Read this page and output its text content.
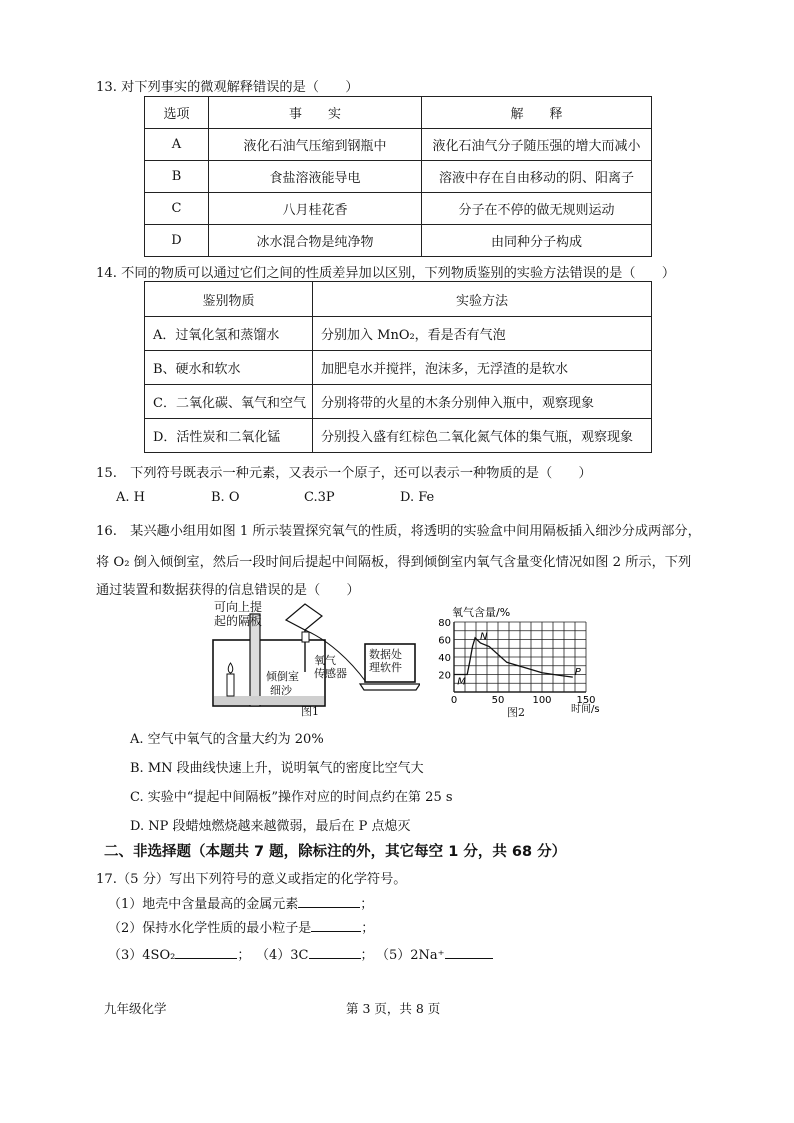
13. 对下列事实的微观解释错误的是（　　）
选项	事　　实	解　　释
A	液化石油气压缩到钢瓶中	液化石油气分子随压强的增大而减小
B	食盐溶液能导电	溶液中存在自由移动的阴、阳离子
C	八月桂花香	分子在不停的做无规则运动
D	冰水混合物是纯净物	由同种分子构成
14. 不同的物质可以通过它们之间的性质差异加以区别，下列物质鉴别的实验方法错误的是（　　）
鉴别物质	实验方法
A．过氧化氢和蒸馏水	分别加入 MnO₂，看是否有气泡
B、硬水和软水	加肥皂水并搅拌，泡沫多，无浮渣的是软水
C．二氧化碳、氧气和空气	分别将带的火星的木条分别伸入瓶中，观察现象
D．活性炭和二氧化锰	分别投入盛有红棕色二氧化氮气体的集气瓶，观察现象
15.　下列符号既表示一种元素，又表示一个原子，还可以表示一种物质的是（　　）
A. H	B. O	C.3P	D. Fe
16.　某兴趣小组用如图 1 所示装置探究氧气的性质，将透明的实验盒中间用隔板插入细沙分成两部分，
将 O₂ 倒入倾倒室，然后一段时间后提起中间隔板，得到倾倒室内氧气含量变化情况如图 2 所示，下列
通过装置和数据获得的信息错误的是（　　）
可向上提
起的隔板
倾倒室
细沙
氧气
传感器
数据处
理软件
图1
氧气含量/%
20
40
60
80
0	50	100 150
M
N
P
时间/s
图2
A. 空气中氧气的含量大约为 20%
B. MN 段曲线快速上升，说明氧气的密度比空气大
C. 实验中“提起中间隔板”操作对应的时间点约在第 25 s
D. NP 段蜡烛燃烧越来越微弱，最后在 P 点熄灭
二、非选择题（本题共 7 题，除标注的外，其它每空 1 分，共 68 分）
17.（5 分）写出下列符号的意义或指定的化学符号。
（1）地壳中含量最高的金属元素	；
（2）保持水化学性质的最小粒子是	；
（3）4SO₂	； （4）3C	； （5）2Na⁺
九年级化学	第 3 页，共 8 页
